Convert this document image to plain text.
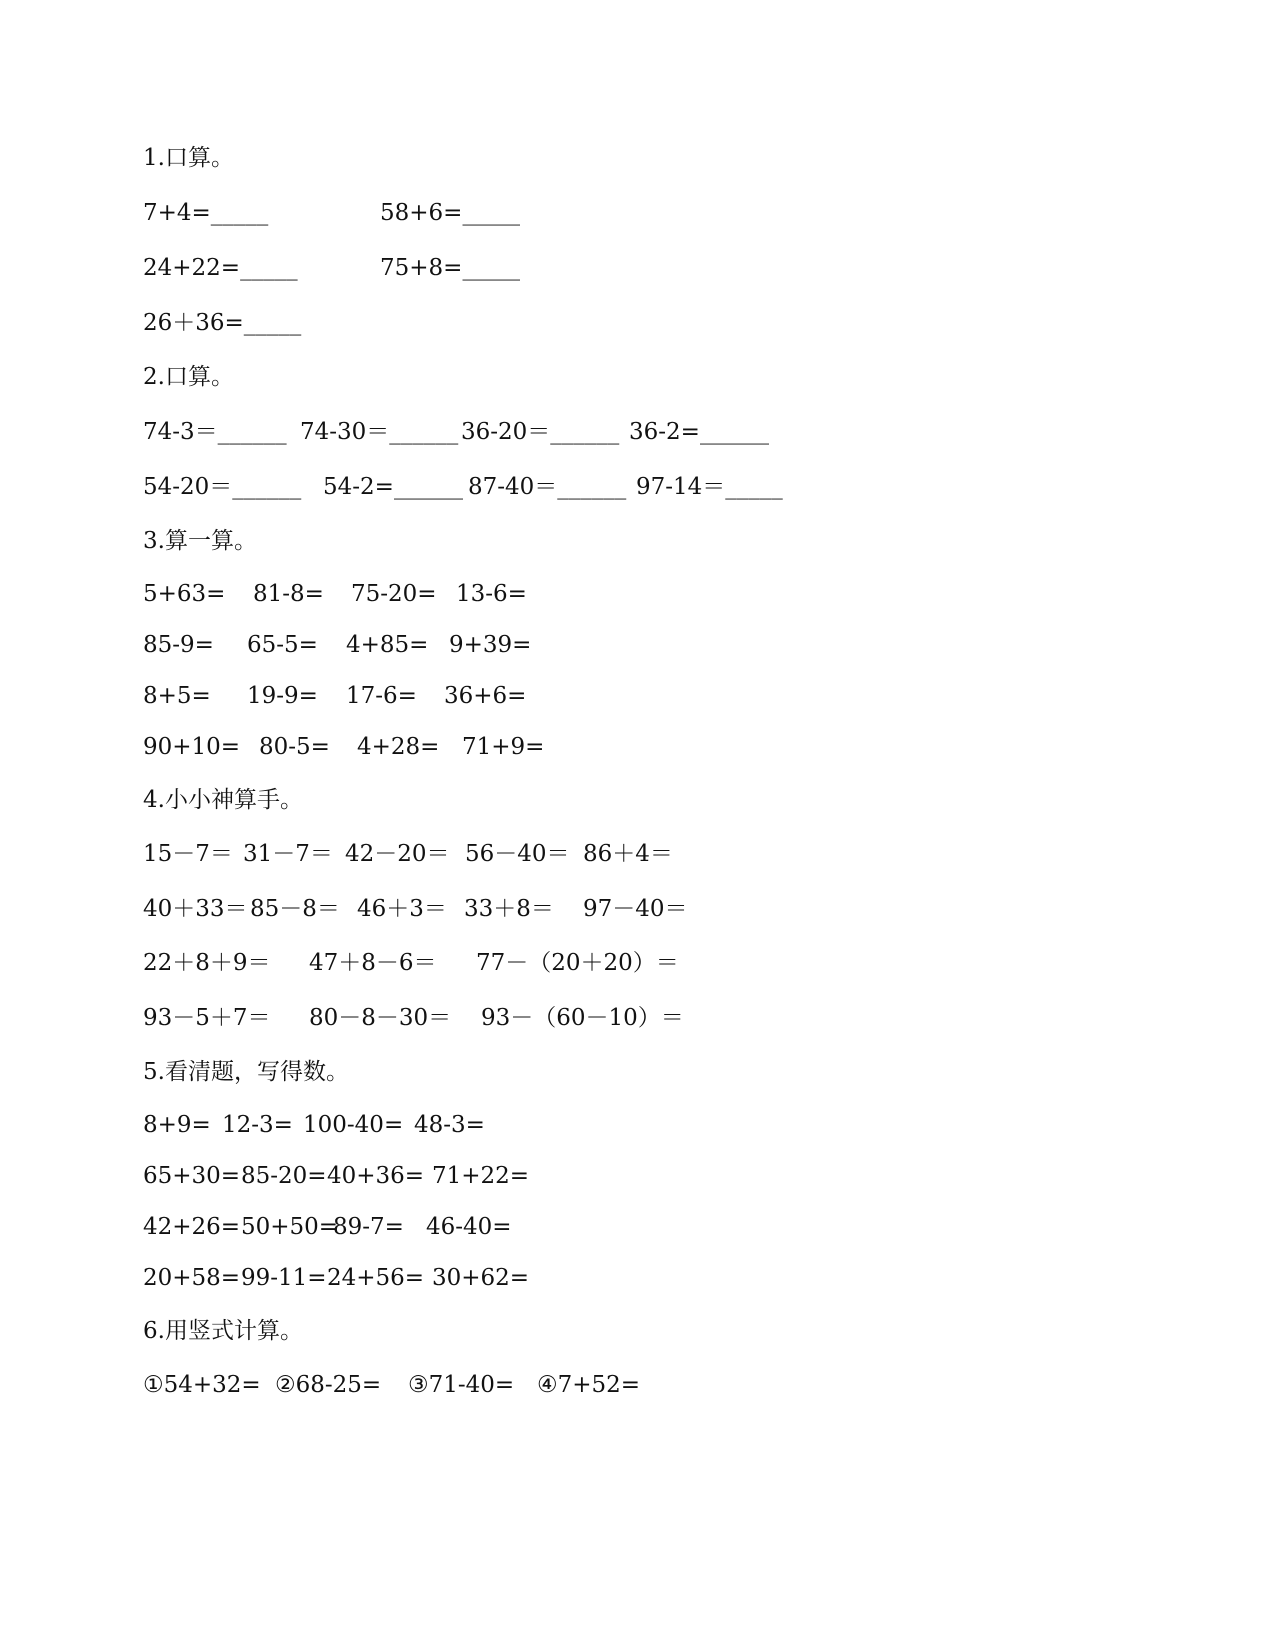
1.口算。
7+4=_____	58+6=_____
24+22=_____	75+8=_____
26＋36=_____
2.口算。
74-3＝______ 74-30＝______ 36-20＝______ 36-2=______
54-20＝______ 54-2=______ 87-40＝______ 97-14＝_____
3.算一算。
5+63= 81-8= 75-20= 13-6=
85-9= 65-5= 4+85= 9+39=
8+5= 19-9= 17-6= 36+6=
90+10= 80-5= 4+28= 71+9=
4.小小神算手。
15－7＝ 31－7＝ 42－20＝ 56－40＝ 86＋4＝
40＋33＝ 85－8＝ 46＋3＝ 33＋8＝ 97－40＝
22＋8＋9＝ 47＋8－6＝ 77－（20＋20）＝
93－5＋7＝ 80－8－30＝ 93－（60－10）＝
5.看清题，写得数。
8+9= 12-3= 100-40= 48-3=
65+30= 85-20= 40+36= 71+22=
42+26= 50+50=
89-7= 46-40=
20+58= 99-11= 24+56= 30+62=
6.用竖式计算。
①54+32= ②68-25= ③71-40= ④7+52=
